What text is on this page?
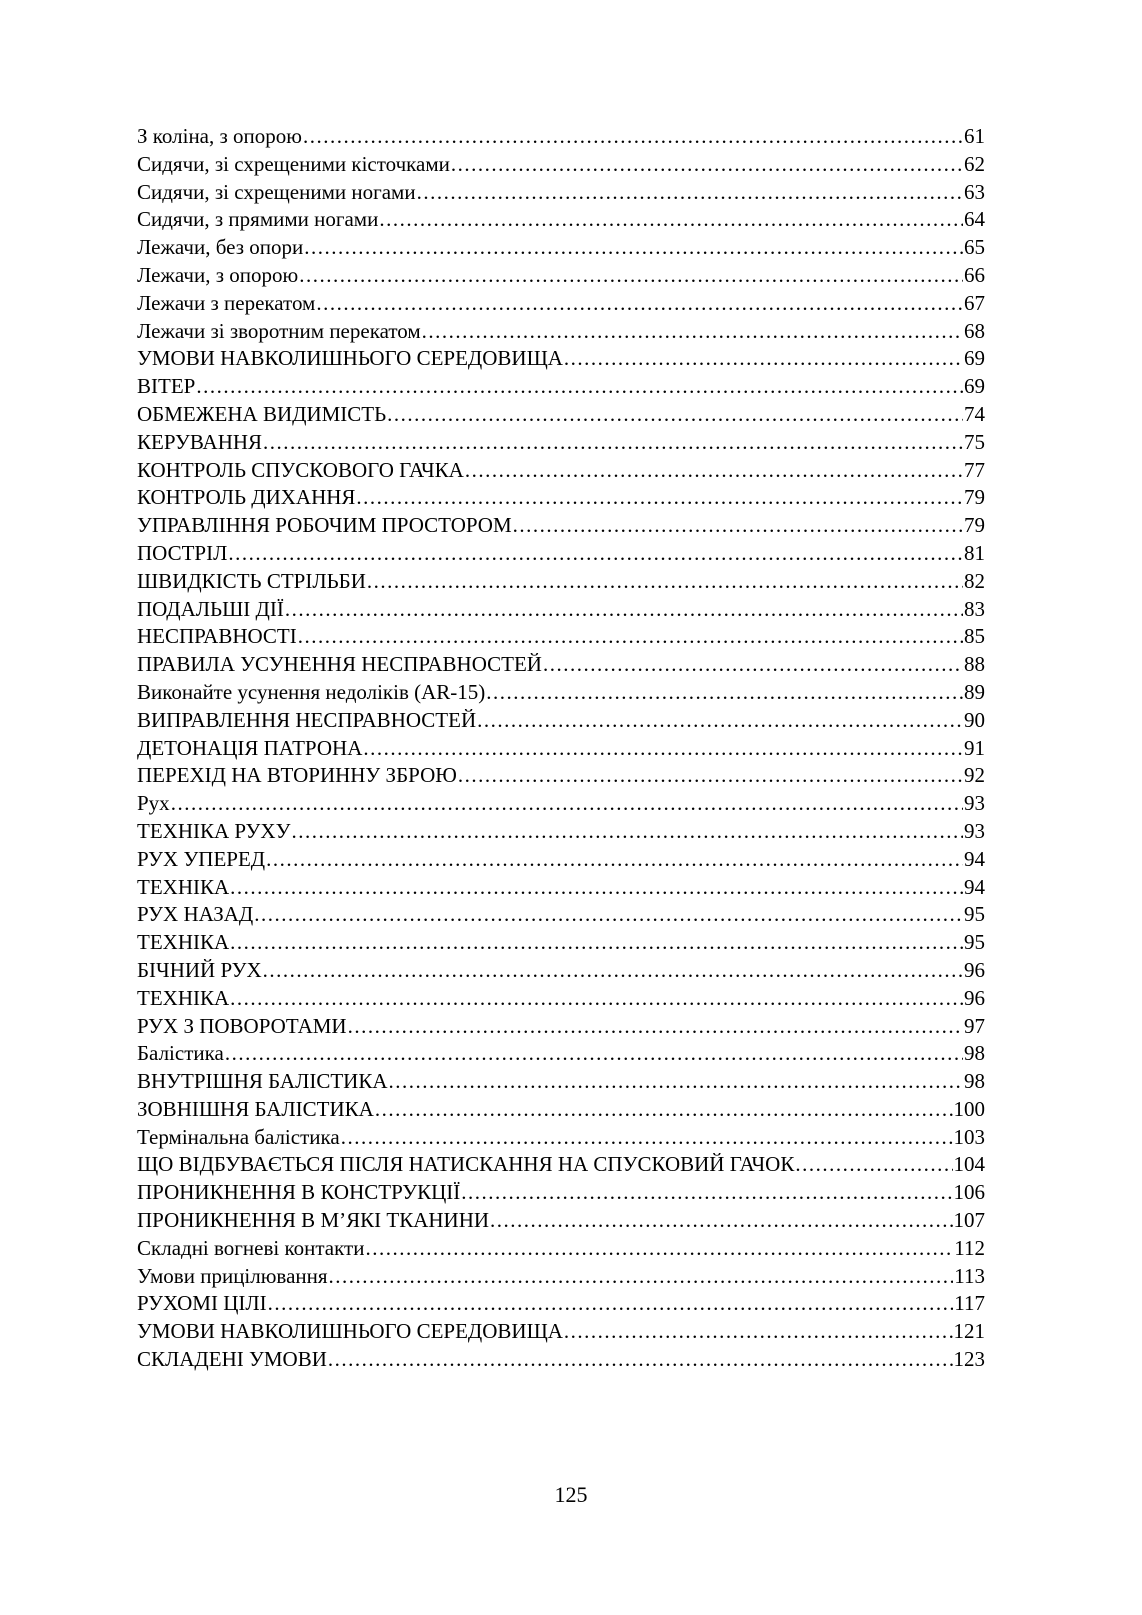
З коліна, з опорою .....	61
Сидячи, зі схрещеними кісточками .....	62
Сидячи, зі схрещеними ногами .....	63
Сидячи, з прямими ногами .....	64
Лежачи, без опори .....	65
Лежачи, з опорою .....	66
Лежачи з перекатом .....	67
Лежачи зі зворотним перекатом .....	68
УМОВИ НАВКОЛИШНЬОГО СЕРЕДОВИЩА .....	69
ВІТЕР .....	69
ОБМЕЖЕНА ВИДИМІСТЬ .....	74
КЕРУВАННЯ .....	75
КОНТРОЛЬ СПУСКОВОГО ГАЧКА .....	77
КОНТРОЛЬ ДИХАННЯ .....	79
УПРАВЛІННЯ РОБОЧИМ ПРОСТОРОМ .....	79
ПОСТРІЛ .....	81
ШВИДКІСТЬ СТРІЛЬБИ .....	82
ПОДАЛЬШІ ДІЇ .....	83
НЕСПРАВНОСТІ .....	85
ПРАВИЛА УСУНЕННЯ НЕСПРАВНОСТЕЙ .....	88
Виконайте усунення недоліків (AR-15) .....	89
ВИПРАВЛЕННЯ НЕСПРАВНОСТЕЙ .....	90
ДЕТОНАЦІЯ ПАТРОНА .....	91
ПЕРЕХІД НА ВТОРИННУ ЗБРОЮ .....	92
Рух .....	93
ТЕХНІКА РУХУ .....	93
РУХ УПЕРЕД .....	94
ТЕХНІКА .....	94
РУХ НАЗАД .....	95
ТЕХНІКА .....	95
БІЧНИЙ РУХ .....	96
ТЕХНІКА .....	96
РУХ З ПОВОРОТАМИ .....	97
Балістика .....	98
ВНУТРІШНЯ БАЛІСТИКА .....	98
ЗОВНІШНЯ БАЛІСТИКА .....	100
Термінальна балістика .....	103
ЩО ВІДБУВАЄТЬСЯ ПІСЛЯ НАТИСКАННЯ НА СПУСКОВИЙ ГАЧОК .....	104
ПРОНИКНЕННЯ В КОНСТРУКЦІЇ .....	106
ПРОНИКНЕННЯ В М’ЯКІ ТКАНИНИ .....	107
Складні вогневі контакти .....	112
Умови прицілювання .....	113
РУХОМІ ЦІЛІ .....	117
УМОВИ НАВКОЛИШНЬОГО СЕРЕДОВИЩА .....	121
СКЛАДЕНІ УМОВИ .....	123
125
